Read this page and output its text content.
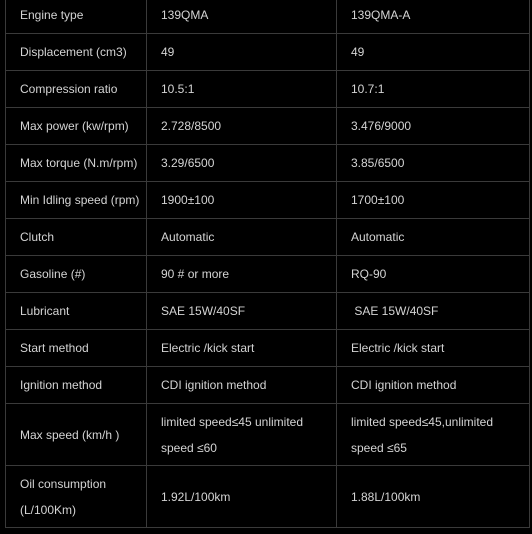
Engine type	139QMA	139QMA-A
Displacement (cm3)	49	49
Compression ratio	10.5:1	10.7:1
Max power (kw/rpm)	2.728/8500	3.476/9000
Max torque (N.m/rpm)	3.29/6500	3.85/6500
Min Idling speed (rpm)	1900±100	1700±100
Clutch	Automatic	Automatic
Gasoline (#)	90 # or more	RQ-90
Lubricant	SAE 15W/40SF	SAE 15W/40SF
Start method	Electric /kick start	Electric /kick start
Ignition method	CDI ignition method	CDI ignition method
Max speed (km/h )	limited speed≤45 unlimited speed ≤60	limited speed≤45,unlimited speed ≤65
Oil consumption (L/100Km)	1.92L/100km	1.88L/100km
